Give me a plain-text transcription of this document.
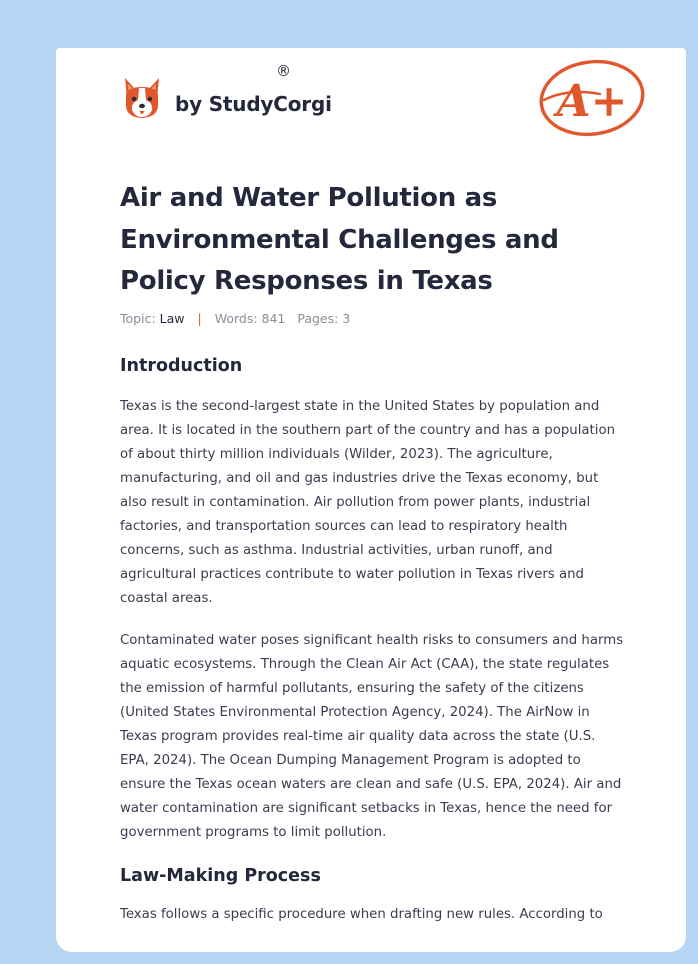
by StudyCorgi
®
A+
Air and Water Pollution as Environmental Challenges and Policy Responses in Texas
Topic: Law | Words: 841 Pages: 3
Introduction

Texas is the second-largest state in the United States by population and area. It is located in the southern part of the country and has a population of about thirty million individuals (Wilder, 2023). The agriculture, manufacturing, and oil and gas industries drive the Texas economy, but also result in contamination. Air pollution from power plants, industrial factories, and transportation sources can lead to respiratory health concerns, such as asthma. Industrial activities, urban runoff, and agricultural practices contribute to water pollution in Texas rivers and coastal areas.

Contaminated water poses significant health risks to consumers and harms aquatic ecosystems. Through the Clean Air Act (CAA), the state regulates the emission of harmful pollutants, ensuring the safety of the citizens (United States Environmental Protection Agency, 2024). The AirNow in Texas program provides real-time air quality data across the state (U.S. EPA, 2024). The Ocean Dumping Management Program is adopted to ensure the Texas ocean waters are clean and safe (U.S. EPA, 2024). Air and water contamination are significant setbacks in Texas, hence the need for government programs to limit pollution.

Law-Making Process

Texas follows a specific procedure when drafting new rules. According to
